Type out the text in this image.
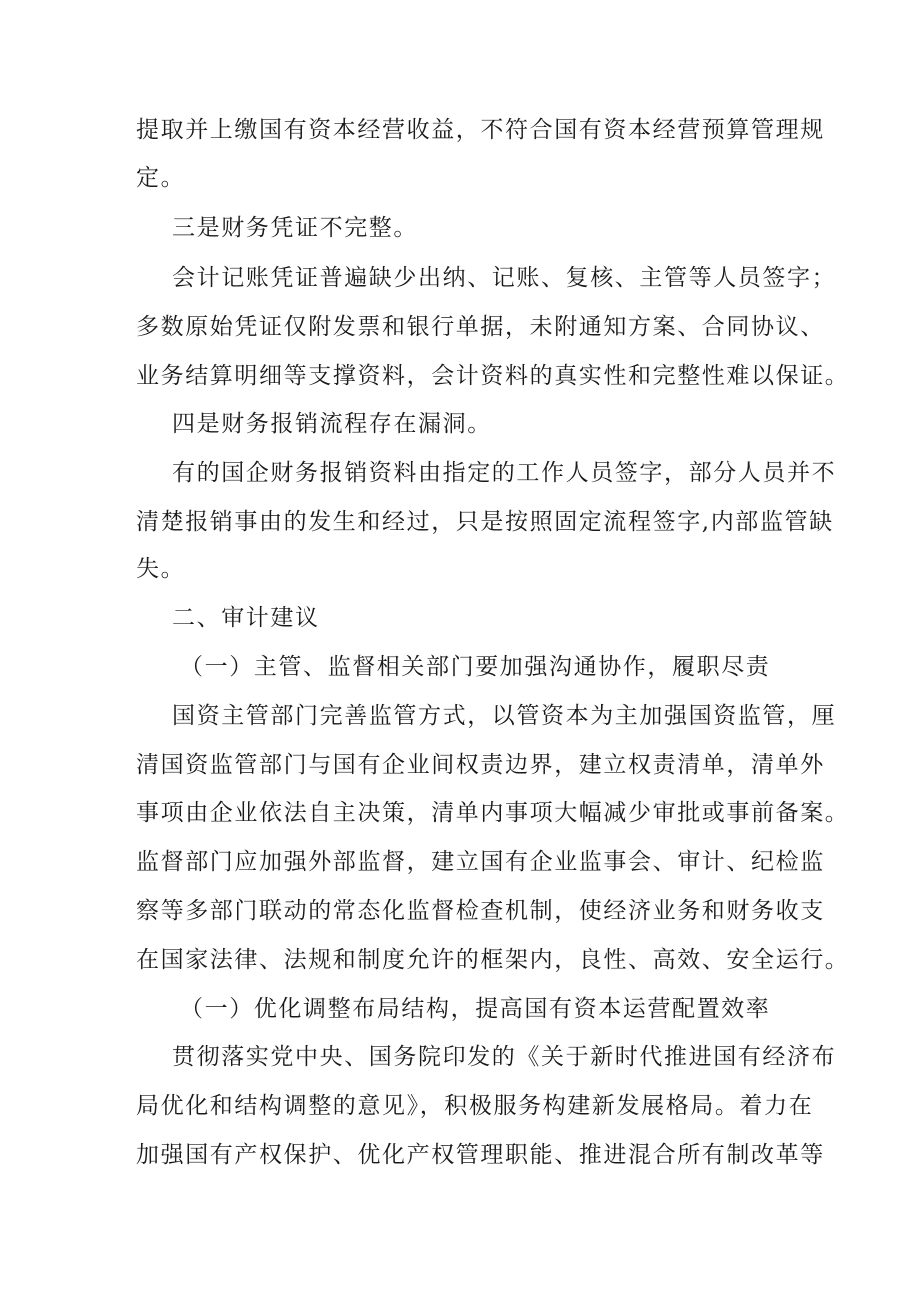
提取并上缴国有资本经营收益，不符合国有资本经营预算管理规
定。
三是财务凭证不完整。
会计记账凭证普遍缺少出纳、记账、复核、主管等人员签字；
多数原始凭证仅附发票和银行单据，未附通知方案、合同协议、
业务结算明细等支撑资料，会计资料的真实性和完整性难以保证。
四是财务报销流程存在漏洞。
有的国企财务报销资料由指定的工作人员签字，部分人员并不
清楚报销事由的发生和经过，只是按照固定流程签字,内部监管缺
失。
二、审计建议
（一）主管、监督相关部门要加强沟通协作，履职尽责
国资主管部门完善监管方式，以管资本为主加强国资监管，厘
清国资监管部门与国有企业间权责边界，建立权责清单，清单外
事项由企业依法自主决策，清单内事项大幅减少审批或事前备案。
监督部门应加强外部监督，建立国有企业监事会、审计、纪检监
察等多部门联动的常态化监督检查机制，使经济业务和财务收支
在国家法律、法规和制度允许的框架内，良性、高效、安全运行。
（一）优化调整布局结构，提高国有资本运营配置效率
贯彻落实党中央、国务院印发的《关于新时代推进国有经济布
局优化和结构调整的意见》，积极服务构建新发展格局。着力在
加强国有产权保护、优化产权管理职能、推进混合所有制改革等
